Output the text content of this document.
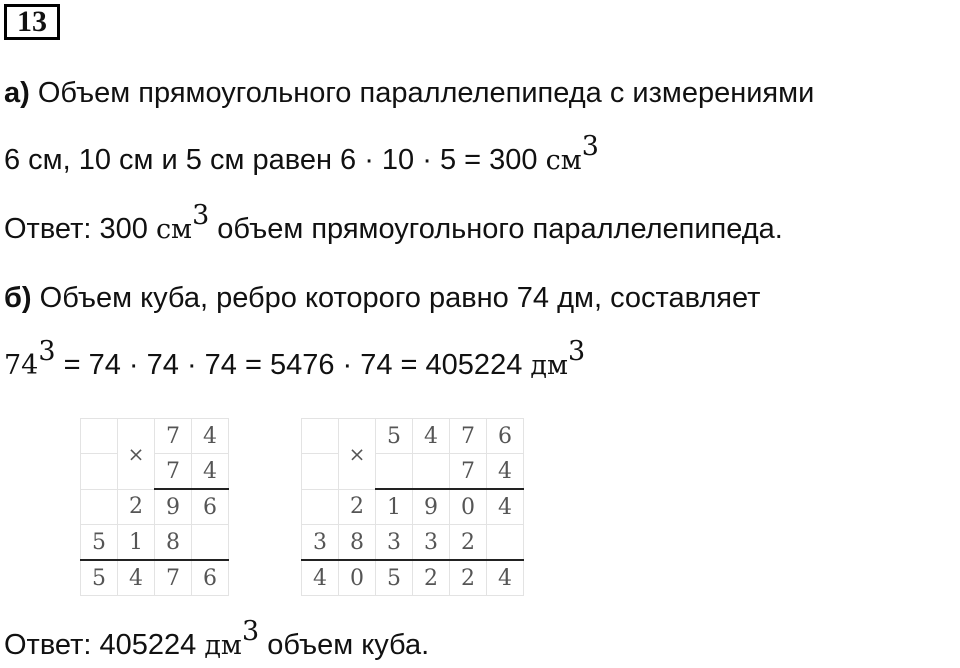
13
а) Объем прямоугольного параллелепипеда с измерениями
6 см, 10 см и 5 см равен 6 · 10 · 5 = 300 $см^3$
Ответ: 300 $см^3$ объем прямоугольного параллелепипеда.
б) Объем куба, ребро которого равно 74 дм, составляет
$74^3 = 74 \cdot 74 \cdot 74 = 5476 \cdot 74 = 405224$ $дм^3$
	×	7	4
		7	4
	2	9	6
5	1	8	
5	4	7	6
	×	5	4	7	6
				7	4
	2	1	9	0	4
3	8	3	3	2	
4	0	5	2	2	4
Ответ: 405224 $дм^3$ объем куба.
